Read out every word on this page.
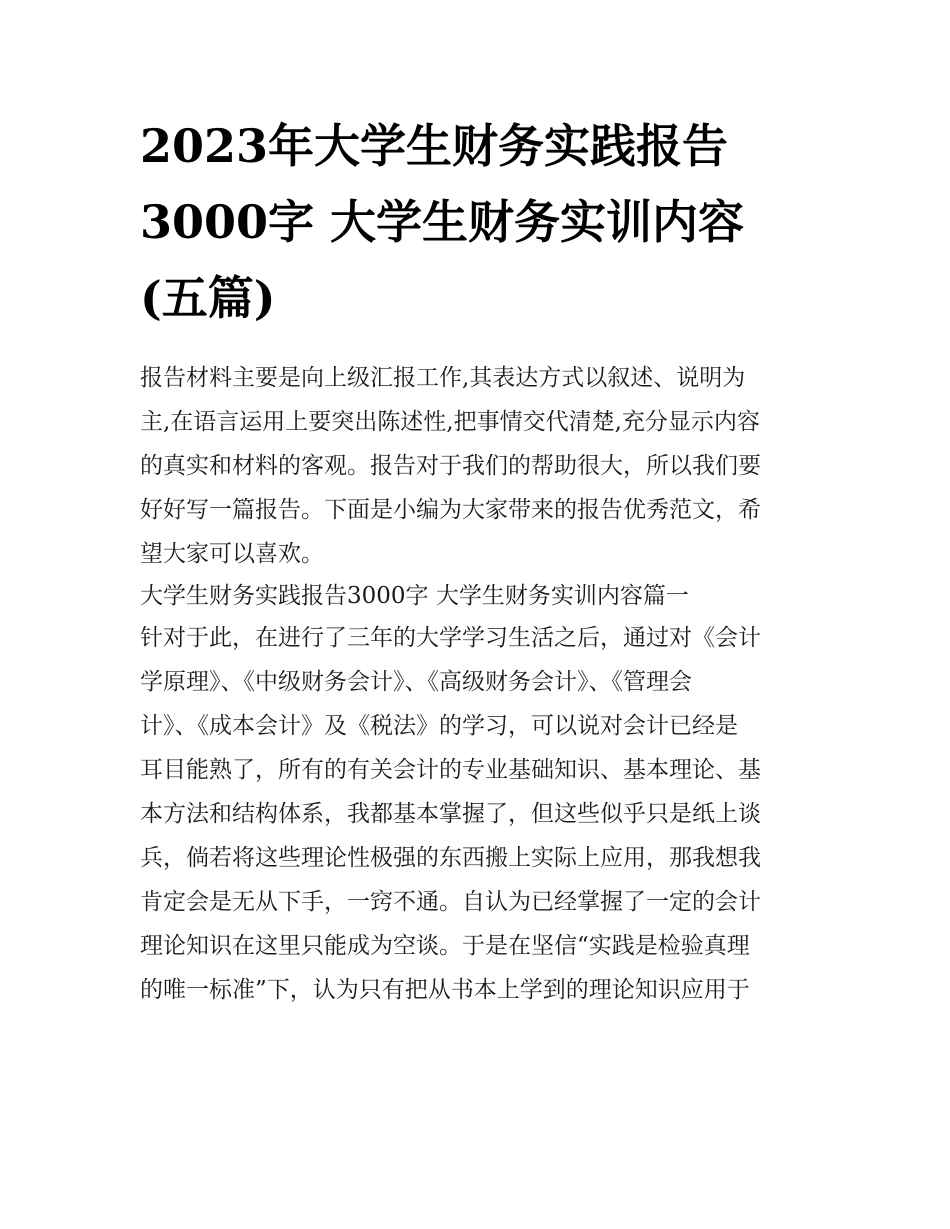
2023年大学生财务实践报告
3000字 大学生财务实训内容
(五篇)
报告材料主要是向上级汇报工作,其表达方式以叙述、说明为
主,在语言运用上要突出陈述性,把事情交代清楚,充分显示内容
的真实和材料的客观。报告对于我们的帮助很大，所以我们要
好好写一篇报告。下面是小编为大家带来的报告优秀范文，希
望大家可以喜欢。
大学生财务实践报告3000字 大学生财务实训内容篇一
针对于此，在进行了三年的大学学习生活之后，通过对《会计
学原理》、《中级财务会计》、《高级财务会计》、《管理会
计》、《成本会计》及《税法》的学习，可以说对会计已经是
耳目能熟了，所有的有关会计的专业基础知识、基本理论、基
本方法和结构体系，我都基本掌握了，但这些似乎只是纸上谈
兵，倘若将这些理论性极强的东西搬上实际上应用，那我想我
肯定会是无从下手，一窍不通。自认为已经掌握了一定的会计
理论知识在这里只能成为空谈。于是在坚信“实践是检验真理
的唯一标准”下，认为只有把从书本上学到的理论知识应用于
